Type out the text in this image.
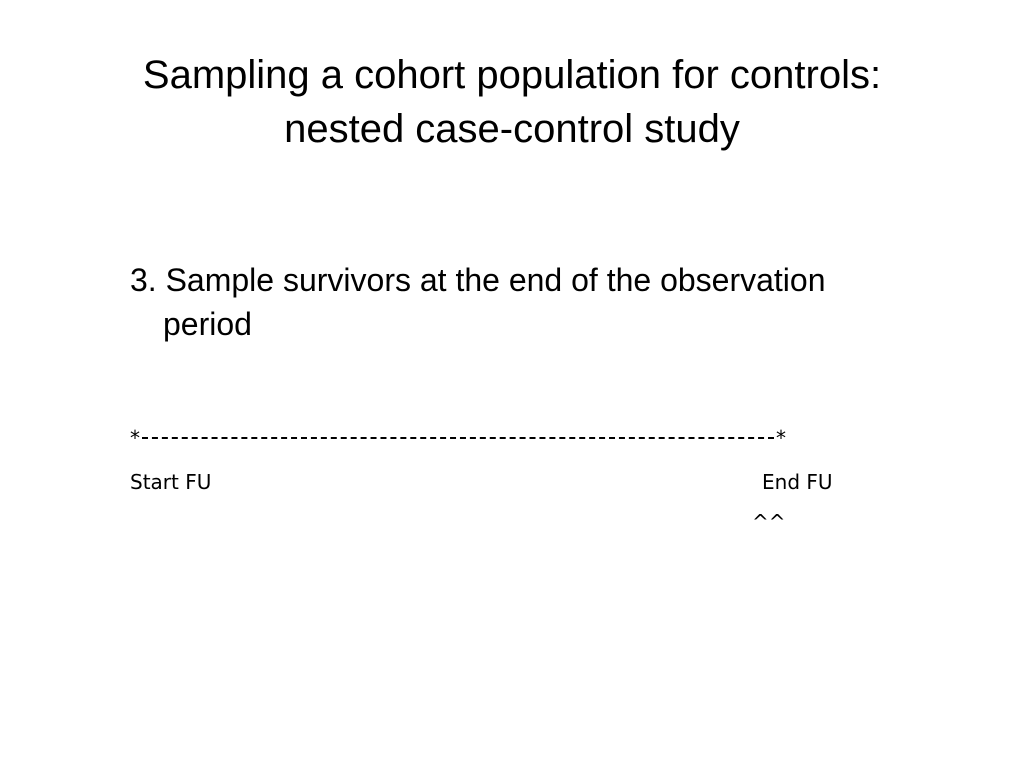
Sampling a cohort population for controls:
nested case-control study
3. Sample survivors at the end of the observation period
*	*

Start FU

	End FU

^^
